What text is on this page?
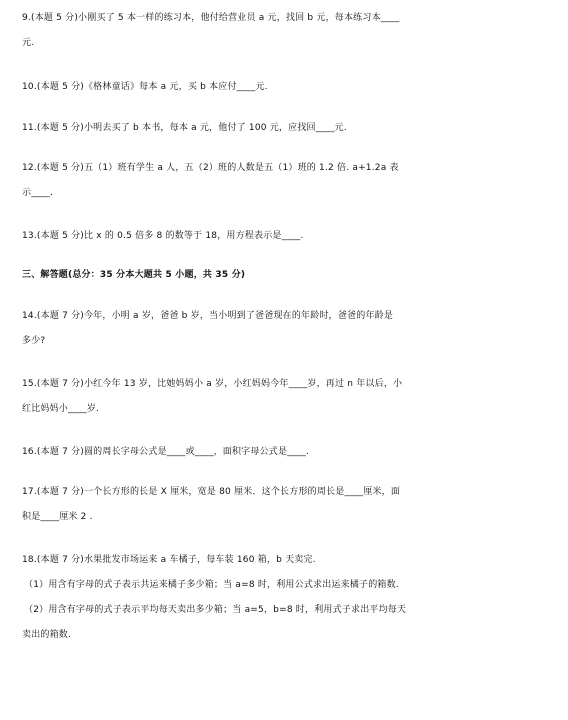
9.(本题 5 分)小刚买了 5 本一样的练习本，他付给营业员 a 元，找回 b 元，每本练习本____
元.
10.(本题 5 分)《格林童话》每本 a 元，买 b 本应付____元.
11.(本题 5 分)小明去买了 b 本书，每本 a 元，他付了 100 元，应找回____元.
12.(本题 5 分)五（1）班有学生 a 人，五（2）班的人数是五（1）班的 1.2 倍. a+1.2a 表
示____.
13.(本题 5 分)比 x 的 0.5 倍多 8 的数等于 18，用方程表示是____.
三、解答题(总分：35 分本大题共 5 小题，共 35 分)
14.(本题 7 分)今年，小明 a 岁，爸爸 b 岁，当小明到了爸爸现在的年龄时，爸爸的年龄是
多少?
15.(本题 7 分)小红今年 13 岁，比她妈妈小 a 岁，小红妈妈今年____岁，再过 n 年以后，小
红比妈妈小____岁.
16.(本题 7 分)圆的周长字母公式是____或____，面积字母公式是____.
17.(本题 7 分)一个长方形的长是 X 厘米，宽是 80 厘米．这个长方形的周长是____厘米，面
积是____厘米 2 .
18.(本题 7 分)水果批发市场运来 a 车橘子，每车装 160 箱，b 天卖完.
（1）用含有字母的式子表示共运来橘子多少箱；当 a=8 时，利用公式求出运来橘子的箱数.
（2）用含有字母的式子表示平均每天卖出多少箱；当 a=5，b=8 时，利用式子求出平均每天
卖出的箱数.
